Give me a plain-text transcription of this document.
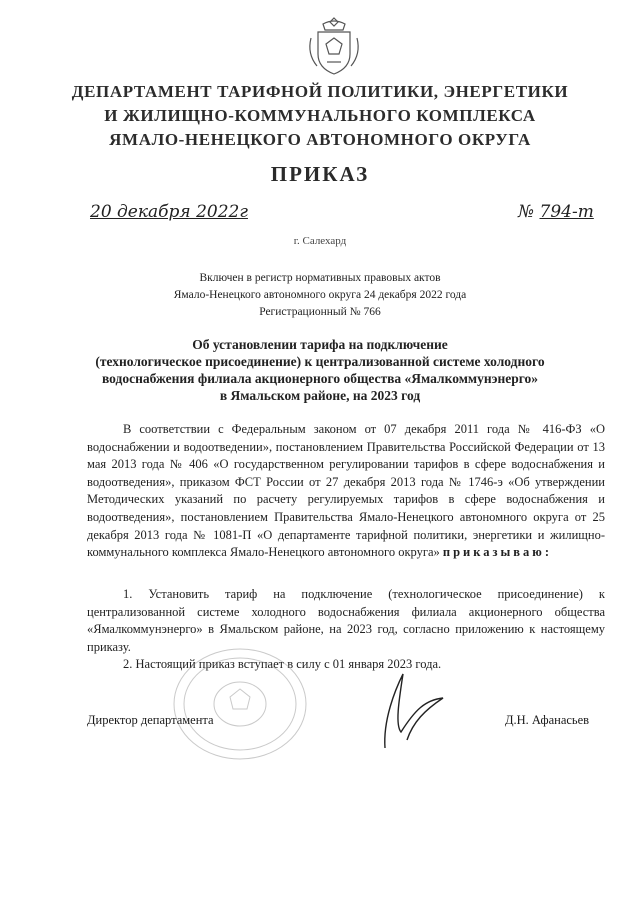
ДЕПАРТАМЕНТ ТАРИФНОЙ ПОЛИТИКИ, ЭНЕРГЕТИКИ
И ЖИЛИЩНО-КОММУНАЛЬНОГО КОМПЛЕКСА
ЯМАЛО-НЕНЕЦКОГО АВТОНОМНОГО ОКРУГА
ПРИКАЗ
20 декабря 2022г	№ 794-т
г. Салехард
Включен в регистр нормативных правовых актов
Ямало-Ненецкого автономного округа 24 декабря 2022 года
Регистрационный № 766
Об установлении тарифа на подключение
(технологическое присоединение) к централизованной системе холодного
водоснабжения филиала акционерного общества «Ямалкоммунэнерго»
в Ямальском районе, на 2023 год
В соответствии с Федеральным законом от 07 декабря 2011 года № 416-ФЗ «О водоснабжении и водоотведении», постановлением Правительства Российской Федерации от 13 мая 2013 года № 406 «О государственном регулировании тарифов в сфере водоснабжения и водоотведения», приказом ФСТ России от 27 декабря 2013 года № 1746-э «Об утверждении Методических указаний по расчету регулируемых тарифов в сфере водоснабжения и водоотведения», постановлением Правительства Ямало-Ненецкого автономного округа от 25 декабря 2013 года № 1081-П «О департаменте тарифной политики, энергетики и жилищно-коммунального комплекса Ямало-Ненецкого автономного округа» приказываю:
1. Установить тариф на подключение (технологическое присоединение) к централизованной системе холодного водоснабжения филиала акционерного общества «Ямалкоммунэнерго» в Ямальском районе, на 2023 год, согласно приложению к настоящему приказу.
2. Настоящий приказ вступает в силу с 01 января 2023 года.
Директор департамента	Д.Н. Афанасьев
